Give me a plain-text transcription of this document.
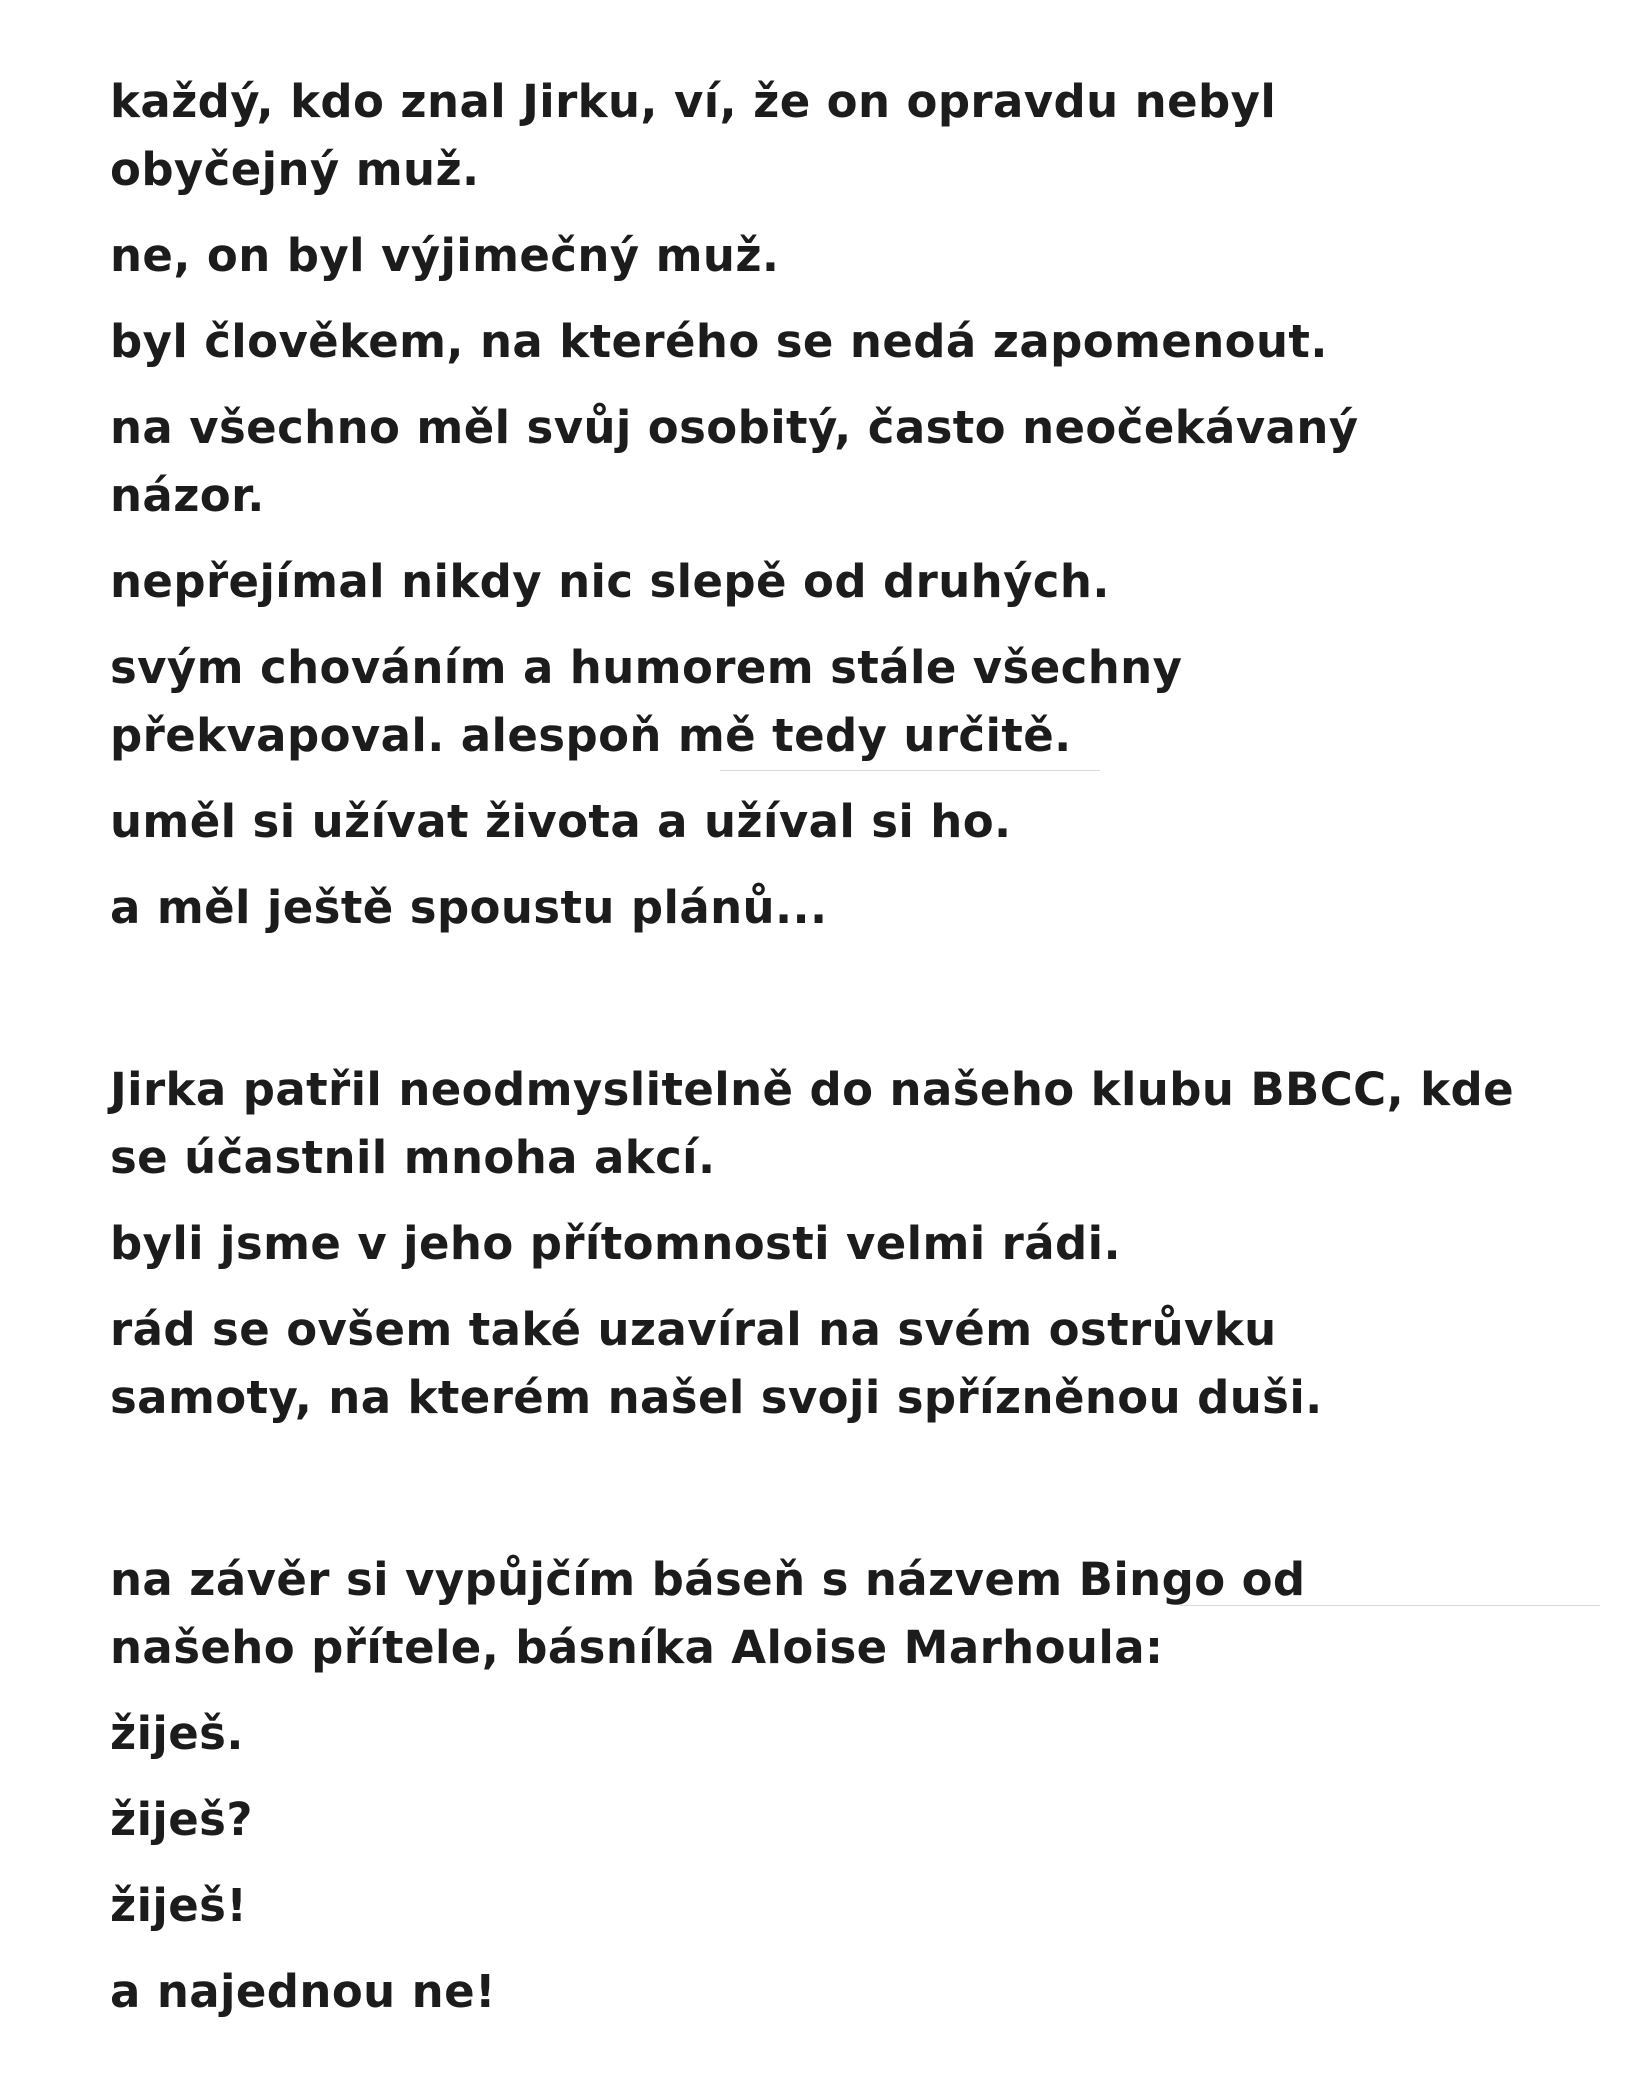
každý, kdo znal Jirku, ví, že on opravdu nebyl obyčejný muž.

ne, on byl výjimečný muž.

byl člověkem, na kterého se nedá zapomenout.

na všechno měl svůj osobitý, často neočekávaný názor.

nepřejímal nikdy nic slepě od druhých.

svým chováním a humorem stále všechny překvapoval. alespoň mě tedy určitě.

uměl si užívat života a užíval si ho.

a měl ještě spoustu plánů...

Jirka patřil neodmyslitelně do našeho klubu BBCC, kde se účastnil mnoha akcí.

byli jsme v jeho přítomnosti velmi rádi.

rád se ovšem také uzavíral na svém ostrůvku samoty, na kterém našel svoji spřízněnou duši.

na závěr si vypůjčím báseň s názvem Bingo od našeho přítele, básníka Aloise Marhoula:

žiješ.

žiješ?

žiješ!

a najednou ne!
